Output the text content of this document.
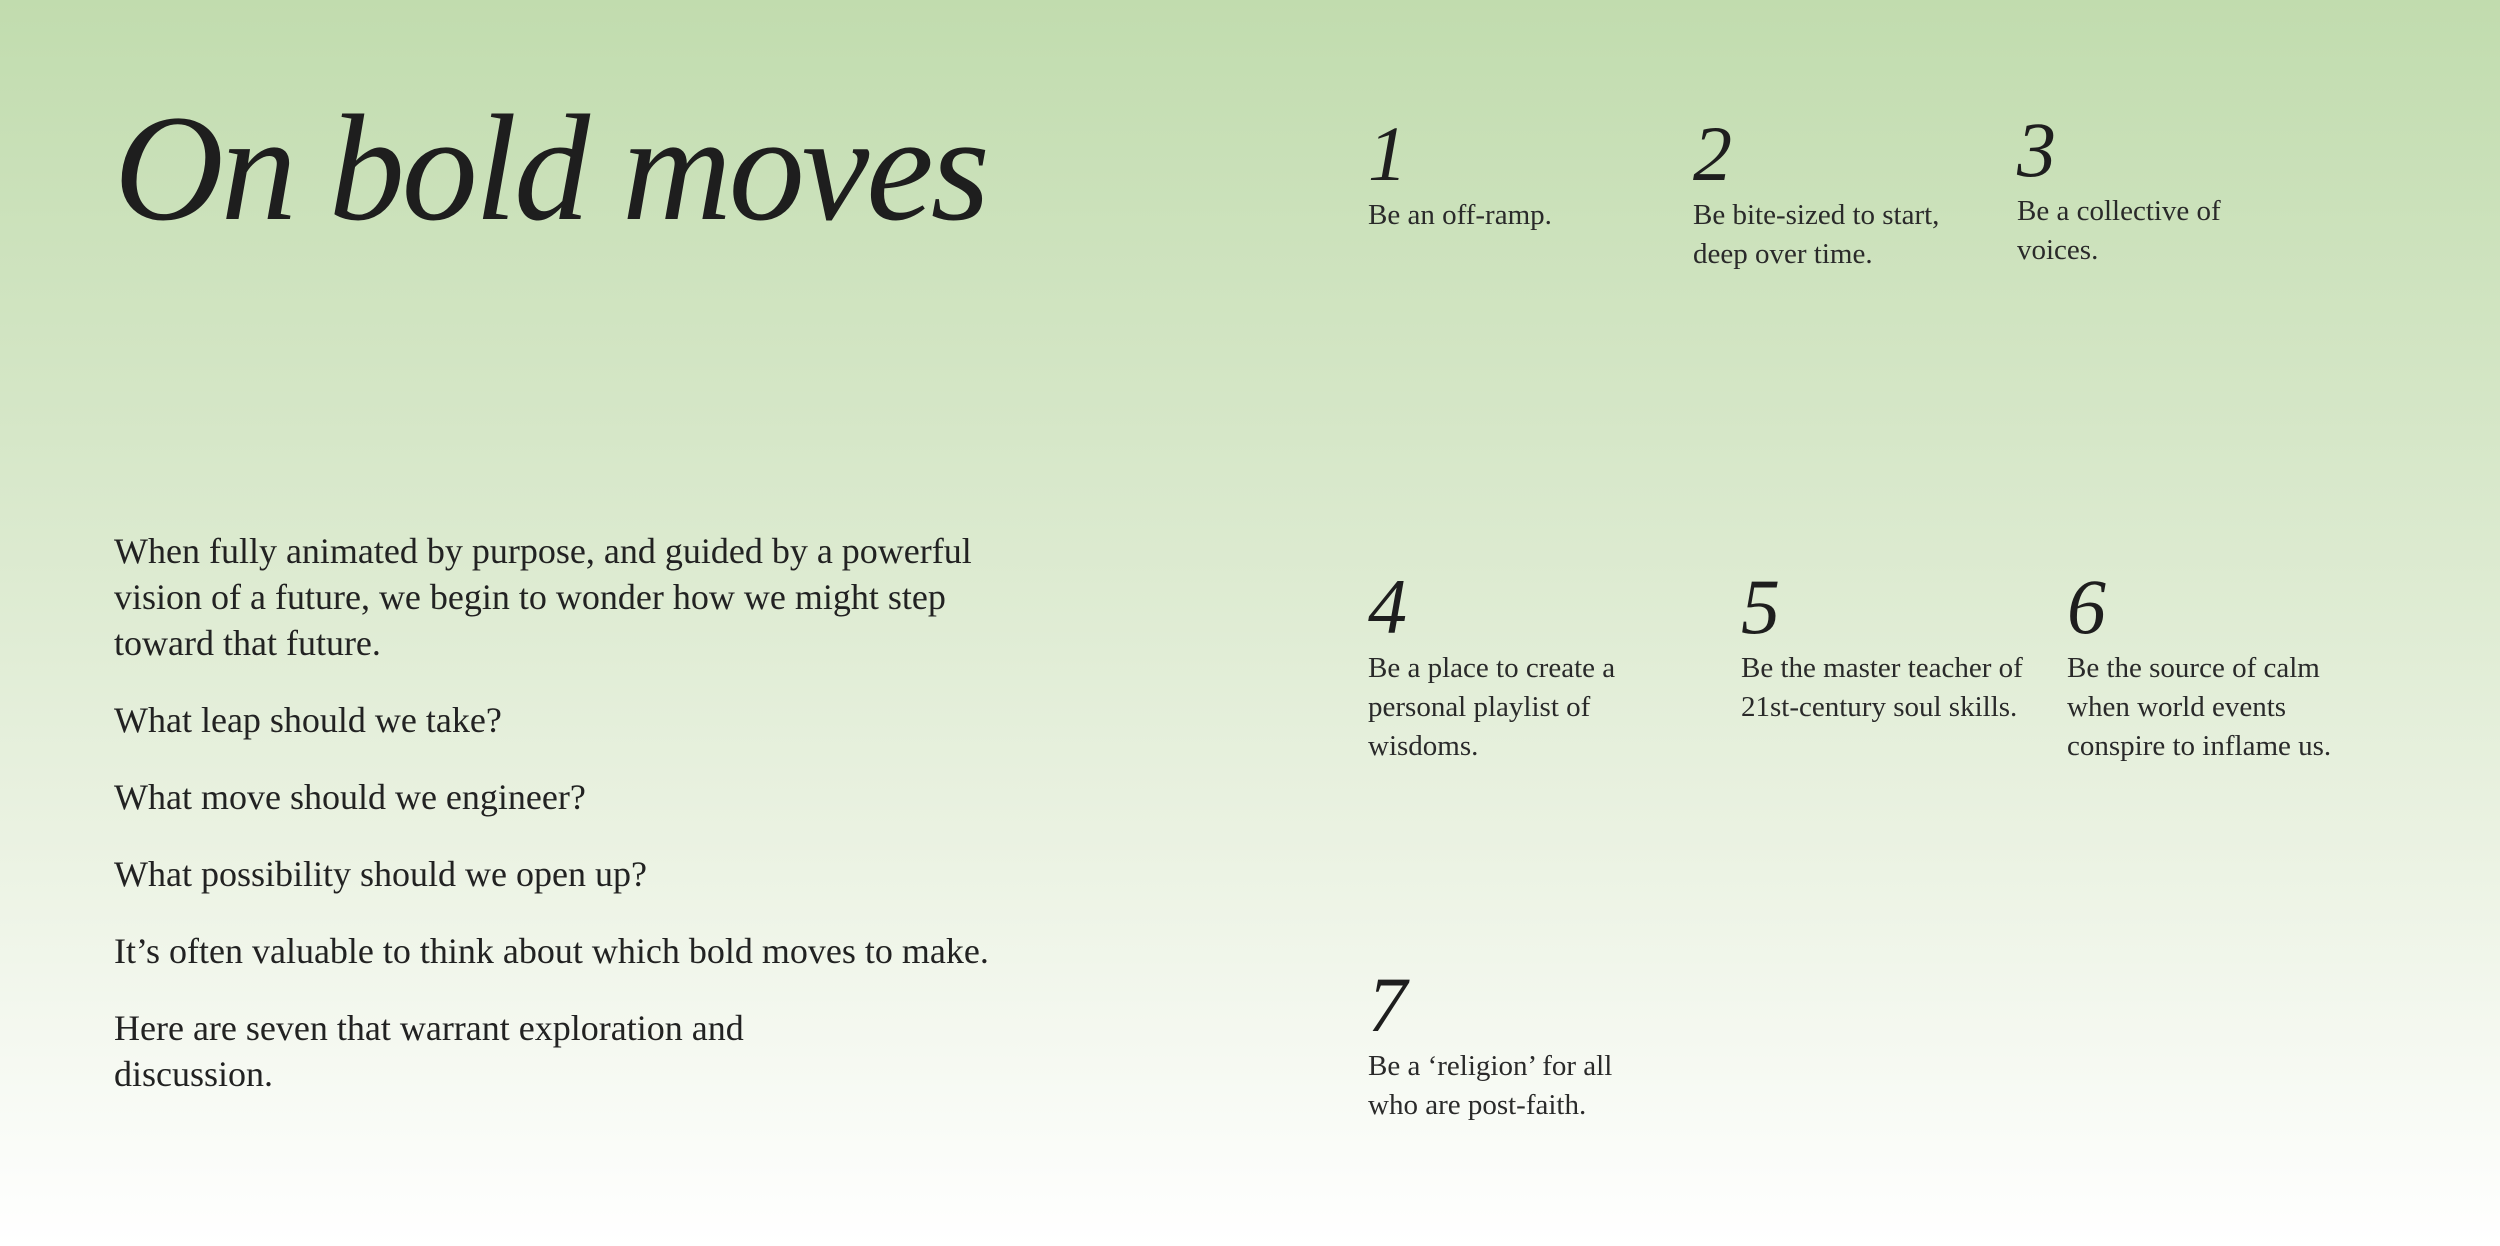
On bold moves

When fully animated by purpose, and guided by a powerful vision of a future, we begin to wonder how we might step toward that future.

What leap should we take?

What move should we engineer?

What possibility should we open up?

It’s often valuable to think about which bold moves to make.

Here are seven that warrant exploration and discussion.

1
Be an off-ramp.
2
Be bite-sized to start, deep over time.
3
Be a collective of voices.
4
Be a place to create a personal playlist of wisdoms.
5
Be the master teacher of 21st-century soul skills.
6
Be the source of calm when world events conspire to inflame us.
7
Be a ‘religion’ for all who are post-faith.
